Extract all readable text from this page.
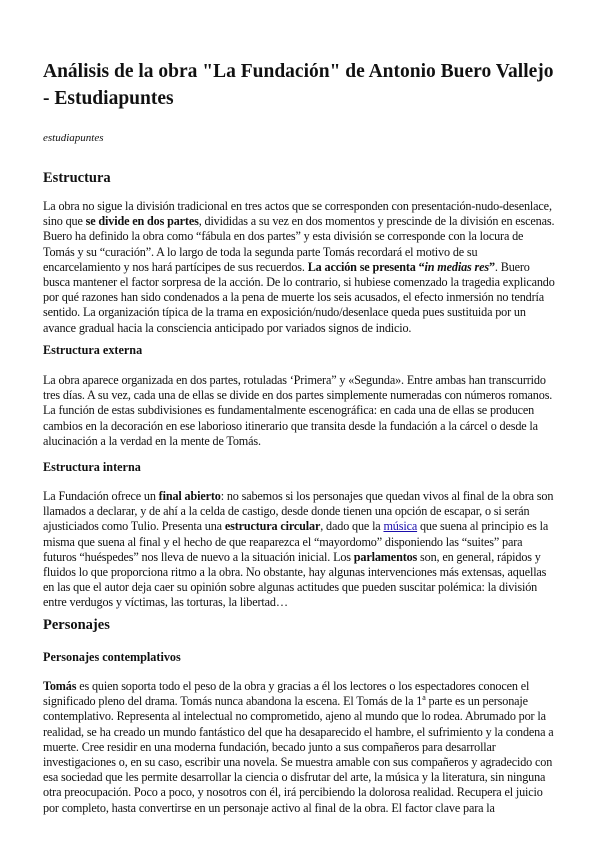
Análisis de la obra "La Fundación" de Antonio Buero Vallejo - Estudiapuntes

estudiapuntes

Estructura

La obra no sigue la división tradicional en tres actos que se corresponden con presentación-nudo-desenlace, sino que se divide en dos partes, divididas a su vez en dos momentos y prescinde de la división en escenas. Buero ha definido la obra como “fábula en dos partes” y esta división se corresponde con la locura de Tomás y su “curación”. A lo largo de toda la segunda parte Tomás recordará el motivo de su encarcelamiento y nos hará partícipes de sus recuerdos. La acción se presenta “in medias res”. Buero busca mantener el factor sorpresa de la acción. De lo contrario, si hubiese comenzado la tragedia explicando por qué razones han sido condenados a la pena de muerte los seis acusados, el efecto inmersión no tendría sentido. La organización típica de la trama en exposición/nudo/desenlace queda pues sustituida por un avance gradual hacia la consciencia anticipado por variados signos de indicio.

Estructura externa

La obra aparece organizada en dos partes, rotuladas ‘Primera” y «Segunda». Entre ambas han transcurrido tres días. A su vez, cada una de ellas se divide en dos partes simplemente numeradas con números romanos. La función de estas subdivisiones es fundamentalmente escenográfica: en cada una de ellas se producen cambios en la decoración en ese laborioso itinerario que transita desde la fundación a la cárcel o desde la alucinación a la verdad en la mente de Tomás.

Estructura interna

La Fundación ofrece un final abierto: no sabemos si los personajes que quedan vivos al final de la obra son llamados a declarar, y de ahí a la celda de castigo, desde donde tienen una opción de escapar, o si serán ajusticiados como Tulio. Presenta una estructura circular, dado que la música que suena al principio es la misma que suena al final y el hecho de que reaparezca el “mayordomo” disponiendo las “suites” para futuros “huéspedes” nos lleva de nuevo a la situación inicial. Los parlamentos son, en general, rápidos y fluidos lo que proporciona ritmo a la obra. No obstante, hay algunas intervenciones más extensas, aquellas en las que el autor deja caer su opinión sobre algunas actitudes que pueden suscitar polémica: la división entre verdugos y víctimas, las torturas, la libertad…

Personajes
Personajes contemplativos

Tomás es quien soporta todo el peso de la obra y gracias a él los lectores o los espectadores conocen el significado pleno del drama. Tomás nunca abandona la escena. El Tomás de la 1$^a$ parte es un personaje contemplativo. Representa al intelectual no comprometido, ajeno al mundo que lo rodea. Abrumado por la realidad, se ha creado un mundo fantástico del que ha desaparecido el hambre, el sufrimiento y la condena a muerte. Cree residir en una moderna fundación, becado junto a sus compañeros para desarrollar investigaciones o, en su caso, escribir una novela. Se muestra amable con sus compañeros y agradecido con esa sociedad que les permite desarrollar la ciencia o disfrutar del arte, la música y la literatura, sin ninguna otra preocupación. Poco a poco, y nosotros con él, irá percibiendo la dolorosa realidad. Recupera el juicio por completo, hasta convertirse en un personaje activo al final de la obra. El factor clave para la
